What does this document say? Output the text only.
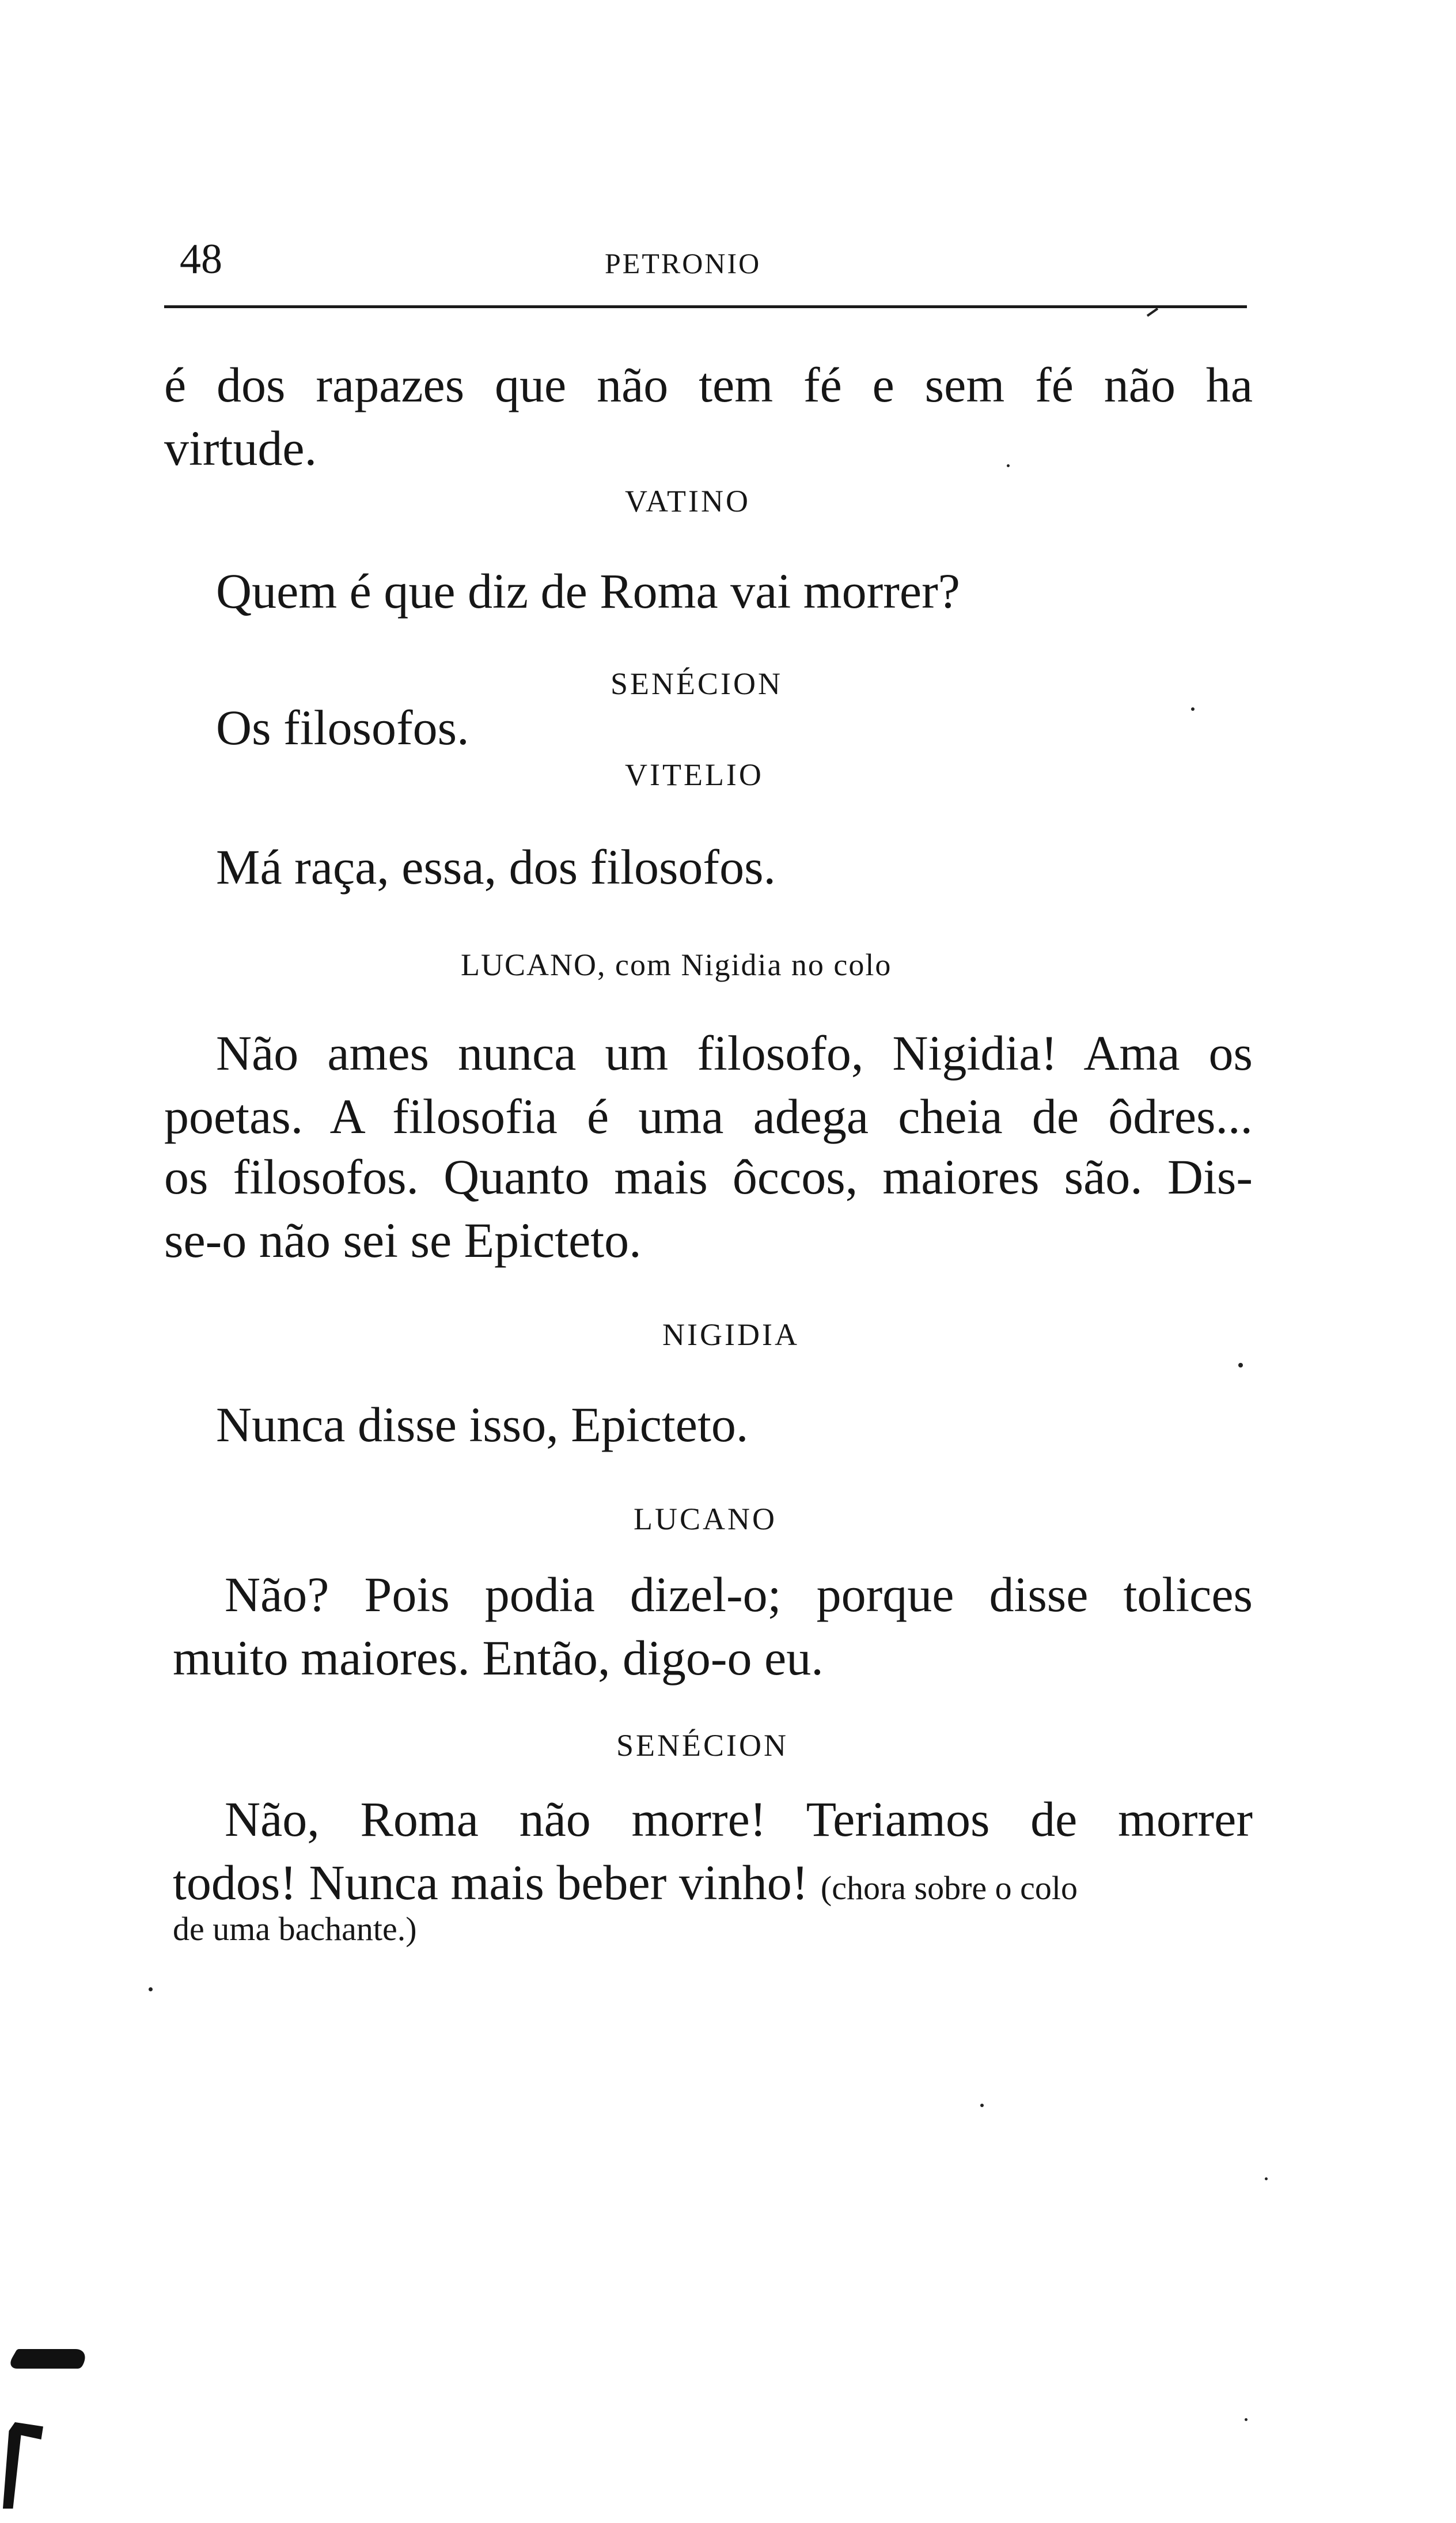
48	PETRONIO
é dos rapazes que não tem fé e sem fé não ha
virtude.
VATINO
Quem é que diz de Roma vai morrer?
SENÉCION
Os filosofos.
VITELIO
Má raça, essa, dos filosofos.
LUCANO, com Nigidia no colo
Não ames nunca um filosofo, Nigidia! Ama os
poetas. A filosofia é uma adega cheia de ôdres...
os filosofos. Quanto mais ôccos, maiores são. Dis-
se-o não sei se Epicteto.
NIGIDIA
Nunca disse isso, Epicteto.
LUCANO
Não? Pois podia dizel-o; porque disse tolices
muito maiores. Então, digo-o eu.
SENÉCION
Não, Roma não morre! Teriamos de morrer
todos! Nunca mais beber vinho! (chora sobre o colo
de uma bachante.)
